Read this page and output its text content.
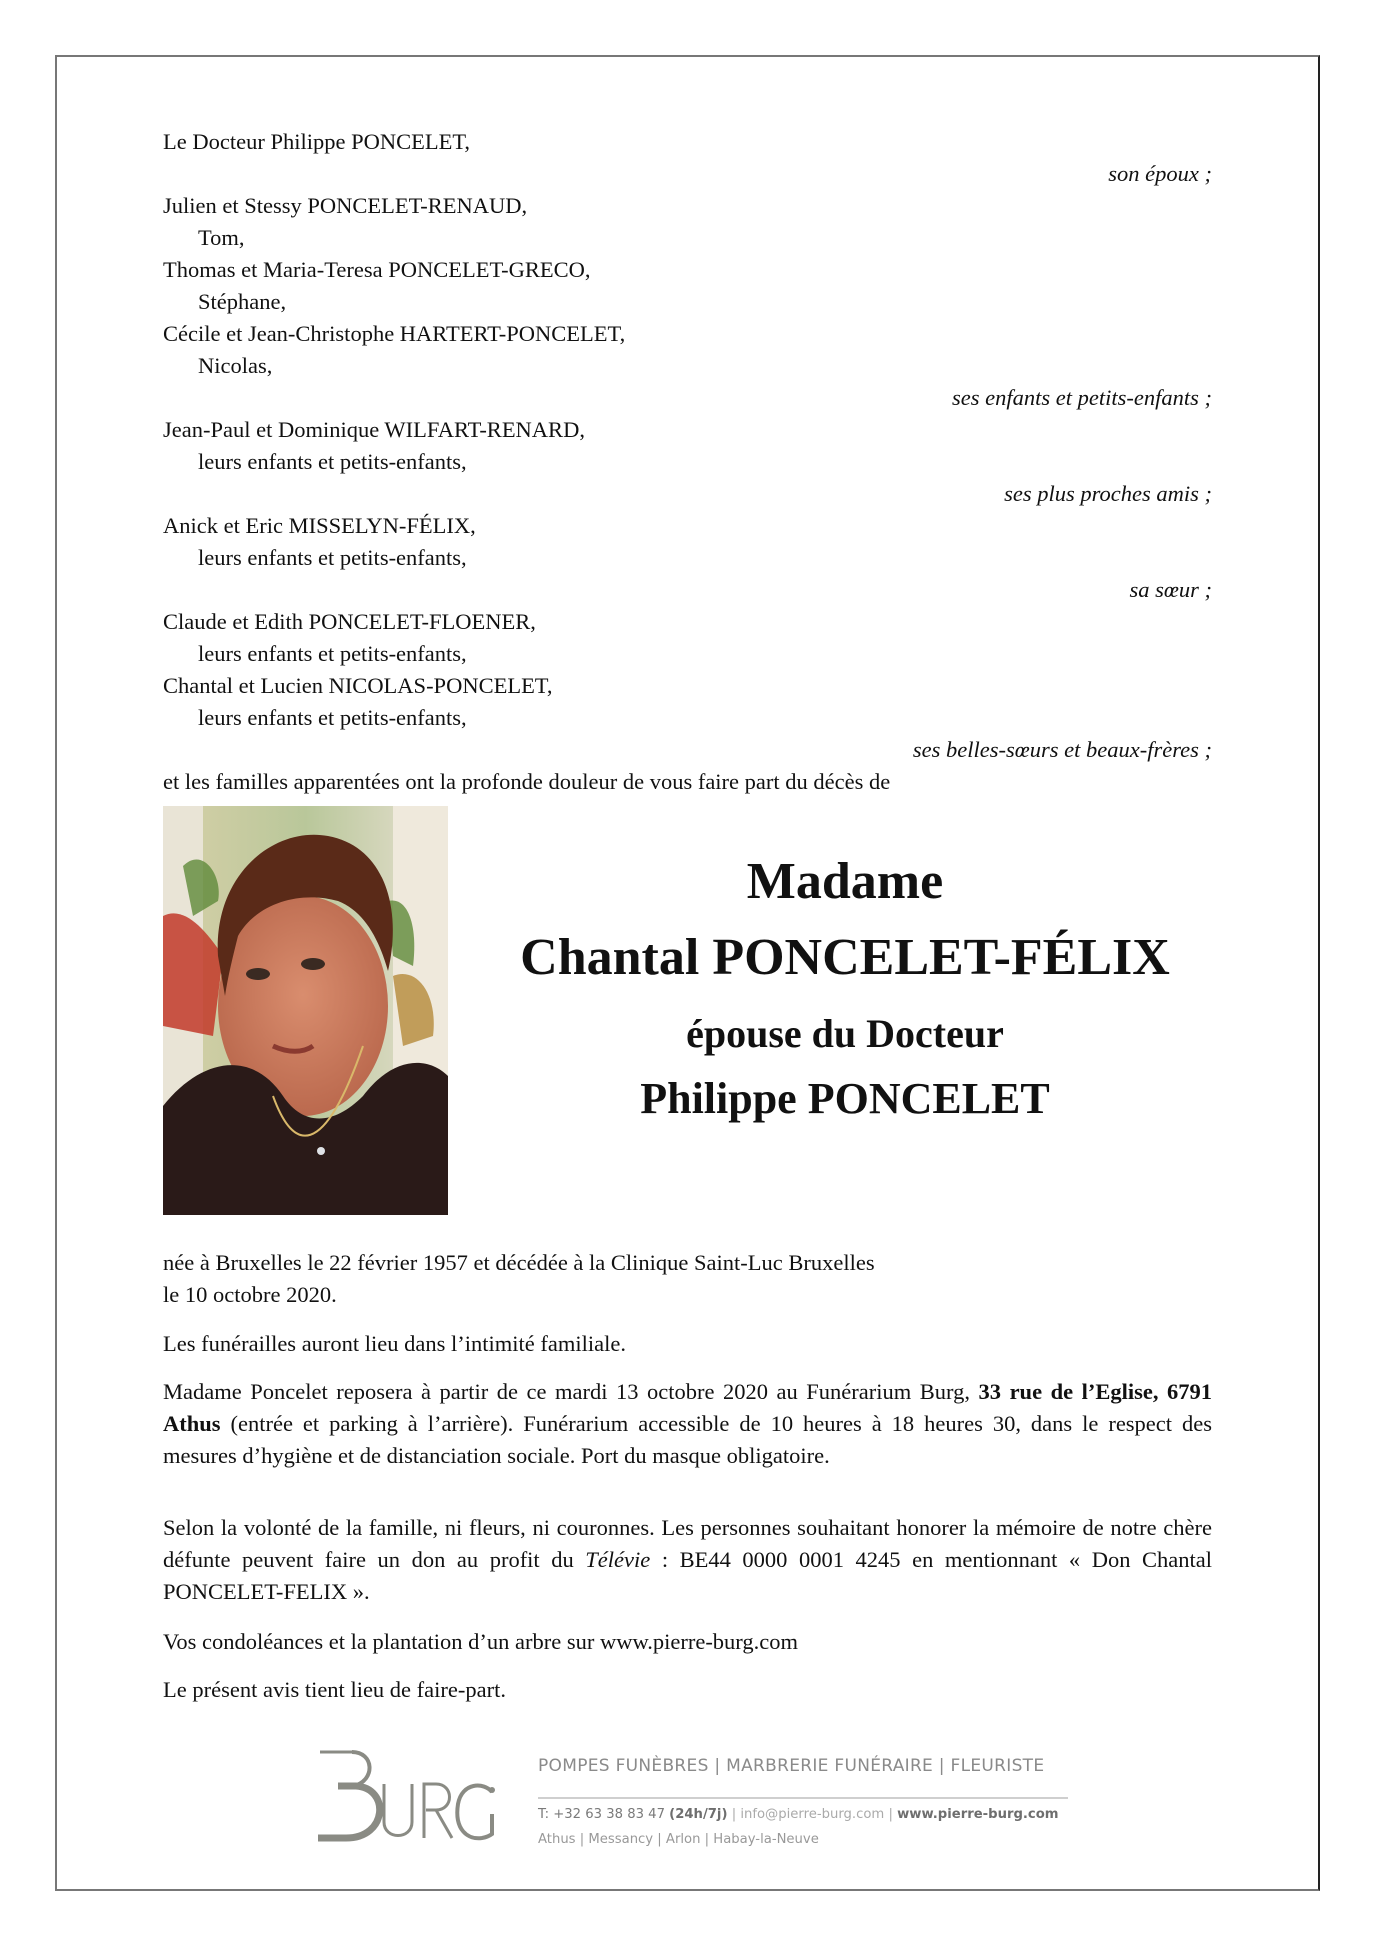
Le Docteur Philippe PONCELET,
son époux ;
Julien et Stessy PONCELET-RENAUD,
Tom,
Thomas et Maria-Teresa PONCELET-GRECO,
Stéphane,
Cécile et Jean-Christophe HARTERT-PONCELET,
Nicolas,
ses enfants et petits-enfants ;
Jean-Paul et Dominique WILFART-RENARD,
leurs enfants et petits-enfants,
ses plus proches amis ;
Anick et Eric MISSELYN-FÉLIX,
leurs enfants et petits-enfants,
sa sœur ;
Claude et Edith PONCELET-FLOENER,
leurs enfants et petits-enfants,
Chantal et Lucien NICOLAS-PONCELET,
leurs enfants et petits-enfants,
ses belles-sœurs et beaux-frères ;
et les familles apparentées ont la profonde douleur de vous faire part du décès de
Madame
Chantal PONCELET-FÉLIX
épouse du Docteur
Philippe PONCELET
née à Bruxelles le 22 février 1957 et décédée à la Clinique Saint-Luc Bruxelles
le 10 octobre 2020.
Les funérailles auront lieu dans l’intimité familiale.
Madame Poncelet reposera à partir de ce mardi 13 octobre 2020 au Funérarium Burg, 33 rue de l’Eglise, 6791 Athus (entrée et parking à l’arrière). Funérarium accessible de 10 heures à 18 heures 30, dans le respect des mesures d’hygiène et de distanciation sociale. Port du masque obligatoire.
Selon la volonté de la famille, ni fleurs, ni couronnes. Les personnes souhaitant honorer la mémoire de notre chère défunte peuvent faire un don au profit du Télévie : BE44 0000 0001 4245 en mentionnant « Don Chantal PONCELET-FELIX ».
Vos condoléances et la plantation d’un arbre sur www.pierre-burg.com
Le présent avis tient lieu de faire-part.
POMPES FUNÈBRES | MARBRERIE FUNÉRAIRE | FLEURISTE
T: +32 63 38 83 47 (24h/7j) | info@pierre-burg.com | www.pierre-burg.com
Athus | Messancy | Arlon | Habay-la-Neuve
